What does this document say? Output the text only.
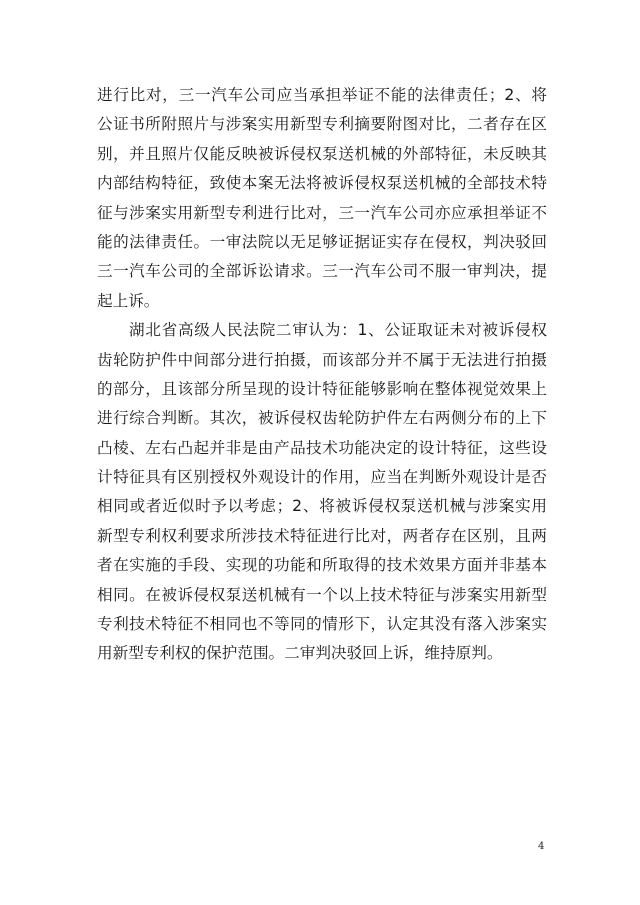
进行比对，三一汽车公司应当承担举证不能的法律责任；2、将
公证书所附照片与涉案实用新型专利摘要附图对比，二者存在区
别，并且照片仅能反映被诉侵权泵送机械的外部特征，未反映其
内部结构特征，致使本案无法将被诉侵权泵送机械的全部技术特
征与涉案实用新型专利进行比对，三一汽车公司亦应承担举证不
能的法律责任。一审法院以无足够证据证实存在侵权，判决驳回
三一汽车公司的全部诉讼请求。三一汽车公司不服一审判决，提
起上诉。
湖北省高级人民法院二审认为：1、公证取证未对被诉侵权
齿轮防护件中间部分进行拍摄，而该部分并不属于无法进行拍摄
的部分，且该部分所呈现的设计特征能够影响在整体视觉效果上
进行综合判断。其次，被诉侵权齿轮防护件左右两侧分布的上下
凸棱、左右凸起并非是由产品技术功能决定的设计特征，这些设
计特征具有区别授权外观设计的作用，应当在判断外观设计是否
相同或者近似时予以考虑；2、将被诉侵权泵送机械与涉案实用
新型专利权利要求所涉技术特征进行比对，两者存在区别，且两
者在实施的手段、实现的功能和所取得的技术效果方面并非基本
相同。在被诉侵权泵送机械有一个以上技术特征与涉案实用新型
专利技术特征不相同也不等同的情形下，认定其没有落入涉案实
用新型专利权的保护范围。二审判决驳回上诉，维持原判。
4
